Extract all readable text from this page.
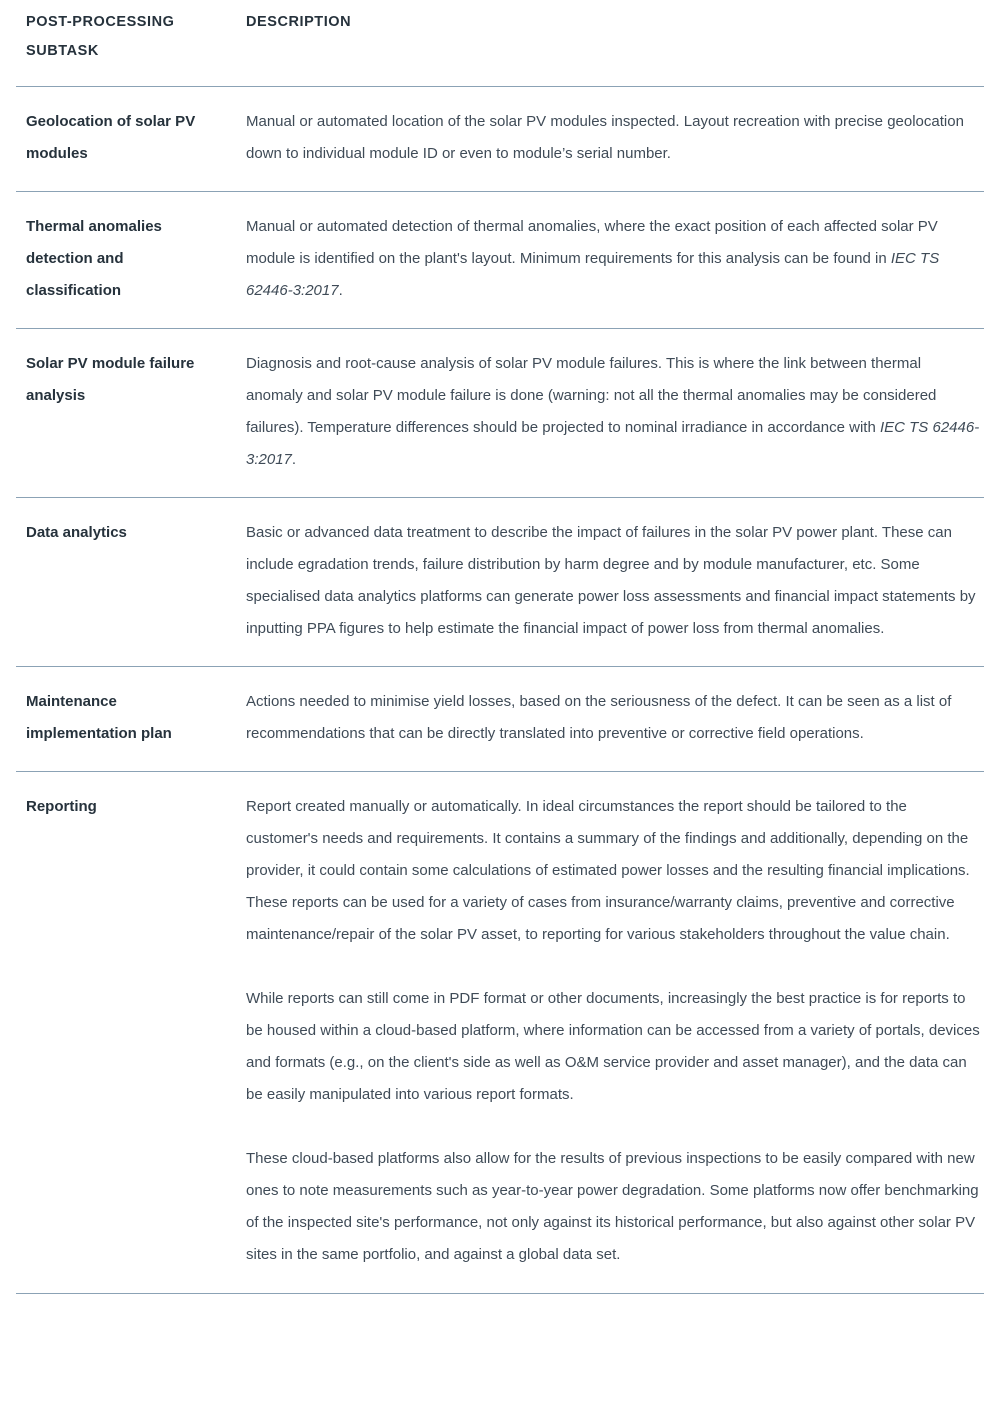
POST-PROCESSING SUBTASK	DESCRIPTION
Geolocation of solar PV modules	Manual or automated location of the solar PV modules inspected. Layout recreation with precise geolocation down to individual module ID or even to module’s serial number.

Thermal anomalies detection and classification	Manual or automated detection of thermal anomalies, where the exact position of each affected solar PV module is identified on the plant's layout. Minimum requirements for this analysis can be found in IEC TS 62446-3:2017.

Solar PV module failure analysis	Diagnosis and root-cause analysis of solar PV module failures. This is where the link between thermal anomaly and solar PV module failure is done (warning: not all the thermal anomalies may be considered failures). Temperature differences should be projected to nominal irradiance in accordance with IEC TS 62446-3:2017.

Data analytics	Basic or advanced data treatment to describe the impact of failures in the solar PV power plant. These can include egradation trends, failure distribution by harm degree and by module manufacturer, etc. Some specialised data analytics platforms can generate power loss assessments and financial impact statements by inputting PPA figures to help estimate the financial impact of power loss from thermal anomalies.

Maintenance implementation plan	Actions needed to minimise yield losses, based on the seriousness of the defect. It can be seen as a list of recommendations that can be directly translated into preventive or corrective field operations.

Reporting	Report created manually or automatically. In ideal circumstances the report should be tailored to the customer's needs and requirements. It contains a summary of the findings and additionally, depending on the provider, it could contain some calculations of estimated power losses and the resulting financial implications. These reports can be used for a variety of cases from insurance/warranty claims, preventive and corrective maintenance/repair of the solar PV asset, to reporting for various stakeholders throughout the value chain.

While reports can still come in PDF format or other documents, increasingly the best practice is for reports to be housed within a cloud-based platform, where information can be accessed from a variety of portals, devices and formats (e.g., on the client's side as well as O&M service provider and asset manager), and the data can be easily manipulated into various report formats.

These cloud-based platforms also allow for the results of previous inspections to be easily compared with new ones to note measurements such as year-to-year power degradation. Some platforms now offer benchmarking of the inspected site's performance, not only against its historical performance, but also against other solar PV sites in the same portfolio, and against a global data set.
